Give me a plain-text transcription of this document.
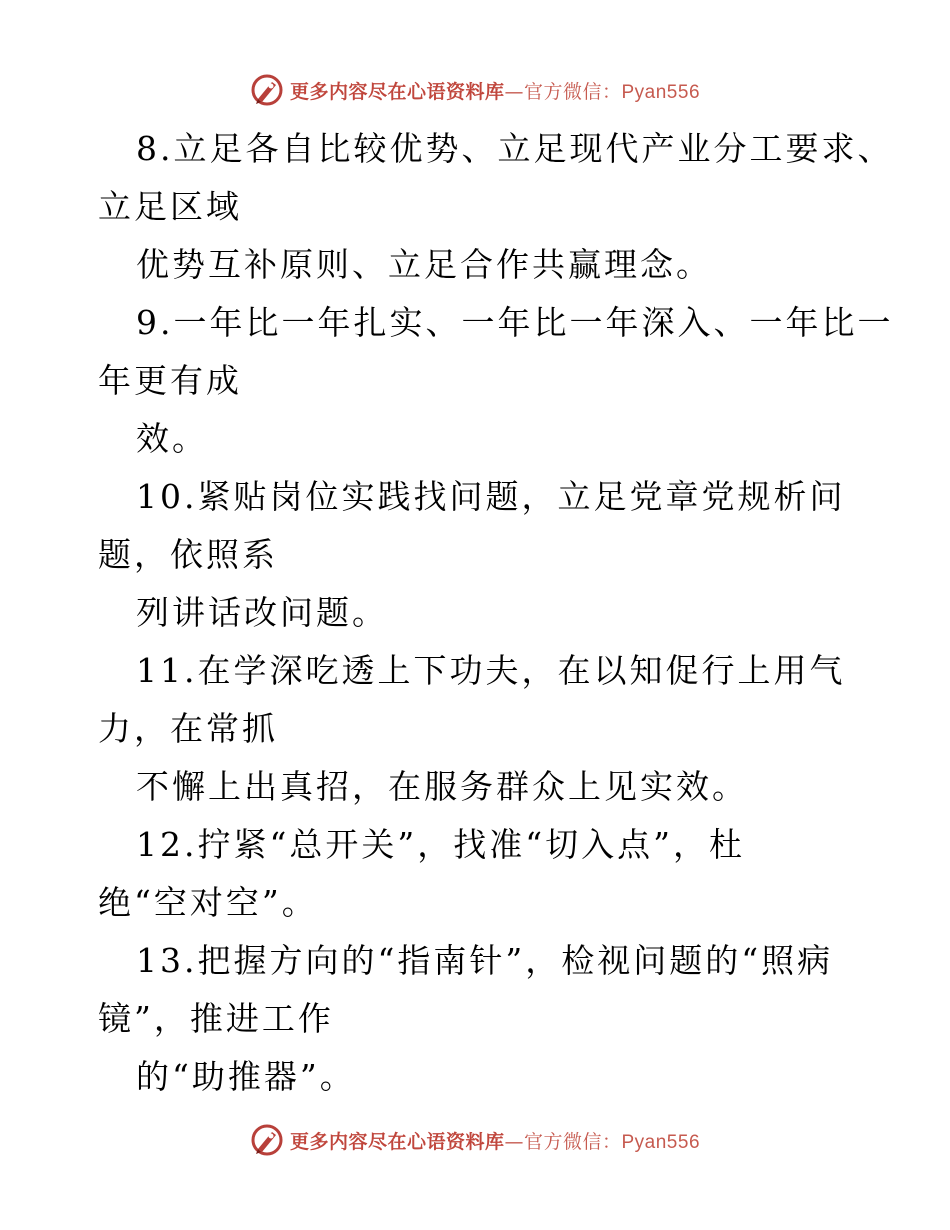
更多内容尽在心语资料库—官方微信：Pyan556
8.立足各自比较优势、立足现代产业分工要求、
立足区域
优势互补原则、立足合作共赢理念。
9.一年比一年扎实、一年比一年深入、一年比一
年更有成
效。
10.紧贴岗位实践找问题，立足党章党规析问
题，依照系
列讲话改问题。
11.在学深吃透上下功夫，在以知促行上用气
力，在常抓
不懈上出真招，在服务群众上见实效。
12.拧紧“总开关”，找准“切入点”，杜
绝“空对空”。
13.把握方向的“指南针”，检视问题的“照病
镜”，推进工作
的“助推器”。
更多内容尽在心语资料库—官方微信：Pyan556
